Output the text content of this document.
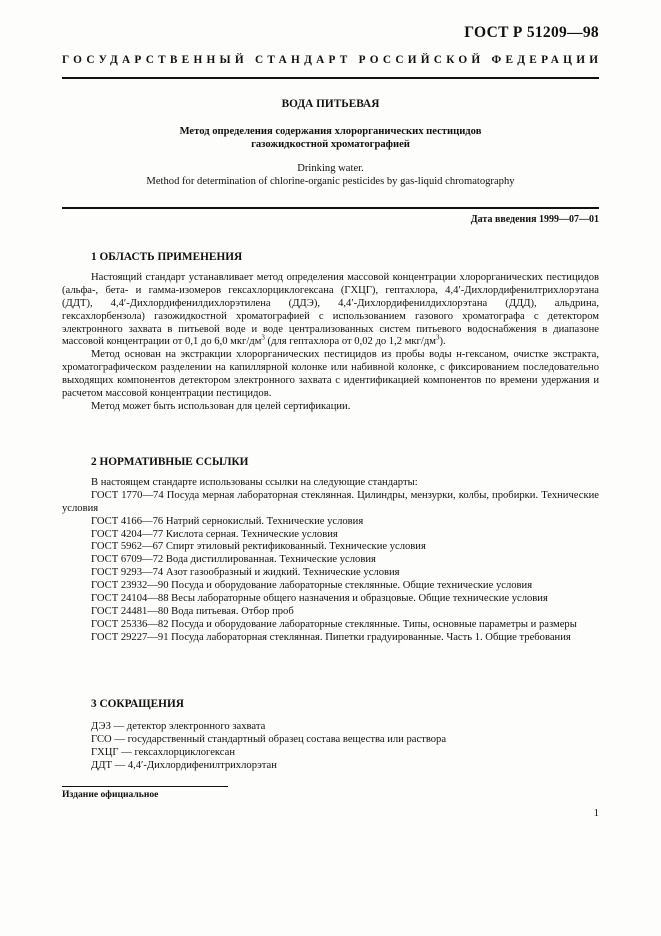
ГОСТ Р 51209—98
ГОСУДАРСТВЕННЫЙ СТАНДАРТ РОССИЙСКОЙ ФЕДЕРАЦИИ
ВОДА ПИТЬЕВАЯ
Метод определения содержания хлорорганических пестицидов
газожидкостной хроматографией
Drinking water.
Method for determination of chlorine-organic pesticides by gas-liquid chromatography
Дата введения 1999—07—01
1 ОБЛАСТЬ ПРИМЕНЕНИЯ

Настоящий стандарт устанавливает метод определения массовой концентрации хлорорганических пестицидов (альфа-, бета- и гамма-изомеров гексахлорциклогексана (ГХЦГ), гептахлора, 4,4′-Дихлордифенилтрихлорэтана (ДДТ), 4,4′-Дихлордифенилдихлорэтилена (ДДЭ), 4,4′-Дихлордифенилдихлорэтана (ДДД), альдрина, гексахлорбензола) газожидкостной хроматографией с использованием газового хроматографа с детектором электронного захвата в питьевой воде и воде централизованных систем питьевого водоснабжения в диапазоне массовой концентрации от 0,1 до 6,0 мкг/$дм^3$ (для гептахлора от 0,02 до 1,2 мкг/$дм^3$).

Метод основан на экстракции хлорорганических пестицидов из пробы воды н-гексаном, очистке экстракта, хроматографическом разделении на капиллярной колонке или набивной колонке, с фиксированием последовательно выходящих компонентов детектором электронного захвата с идентификацией компонентов по времени удержания и расчетом массовой концентрации пестицидов.

Метод может быть использован для целей сертификации.

2 НОРМАТИВНЫЕ ССЫЛКИ

В настоящем стандарте использованы ссылки на следующие стандарты:

ГОСТ 1770—74 Посуда мерная лабораторная стеклянная. Цилиндры, мензурки, колбы, пробирки. Технические условия

ГОСТ 4166—76 Натрий сернокислый. Технические условия

ГОСТ 4204—77 Кислота серная. Технические условия

ГОСТ 5962—67 Спирт этиловый ректификованный. Технические условия

ГОСТ 6709—72 Вода дистиллированная. Технические условия

ГОСТ 9293—74 Азот газообразный и жидкий. Технические условия

ГОСТ 23932—90 Посуда и оборудование лабораторные стеклянные. Общие технические условия

ГОСТ 24104—88 Весы лабораторные общего назначения и образцовые. Общие технические условия

ГОСТ 24481—80 Вода питьевая. Отбор проб

ГОСТ 25336—82 Посуда и оборудование лабораторные стеклянные. Типы, основные параметры и размеры

ГОСТ 29227—91 Посуда лабораторная стеклянная. Пипетки градуированные. Часть 1. Общие требования

3 СОКРАЩЕНИЯ

ДЭЗ — детектор электронного захвата

ГСО — государственный стандартный образец состава вещества или раствора

ГХЦГ — гексахлорциклогексан

ДДТ — 4,4′-Дихлордифенилтрихлорэтан

Издание официальное
1
